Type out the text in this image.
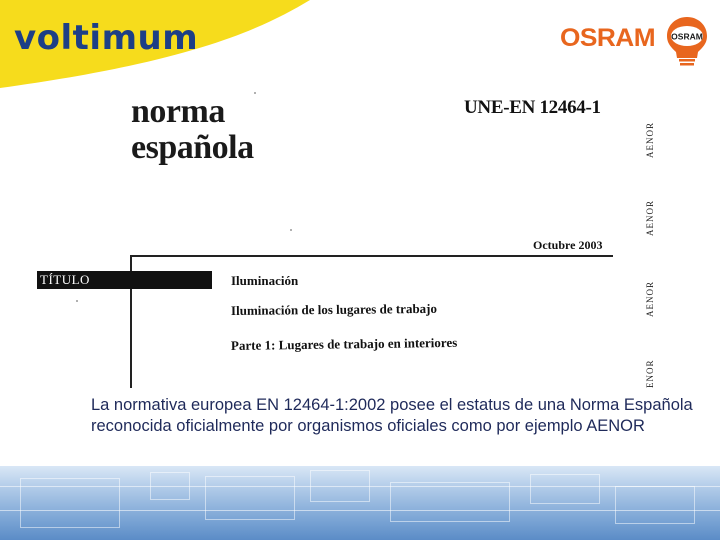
voltimum	OSRAM OSRAM
norma
española
UNE-EN 12464-1
Octubre 2003
TÍTULO	Iluminación
Iluminación de los lugares de trabajo
Parte 1: Lugares de trabajo en interiores
AENOR
AENOR
AENOR
ENOR
La normativa europea EN 12464-1:2002 posee el estatus de una Norma Española reconocida oficialmente por organismos oficiales como por ejemplo AENOR
